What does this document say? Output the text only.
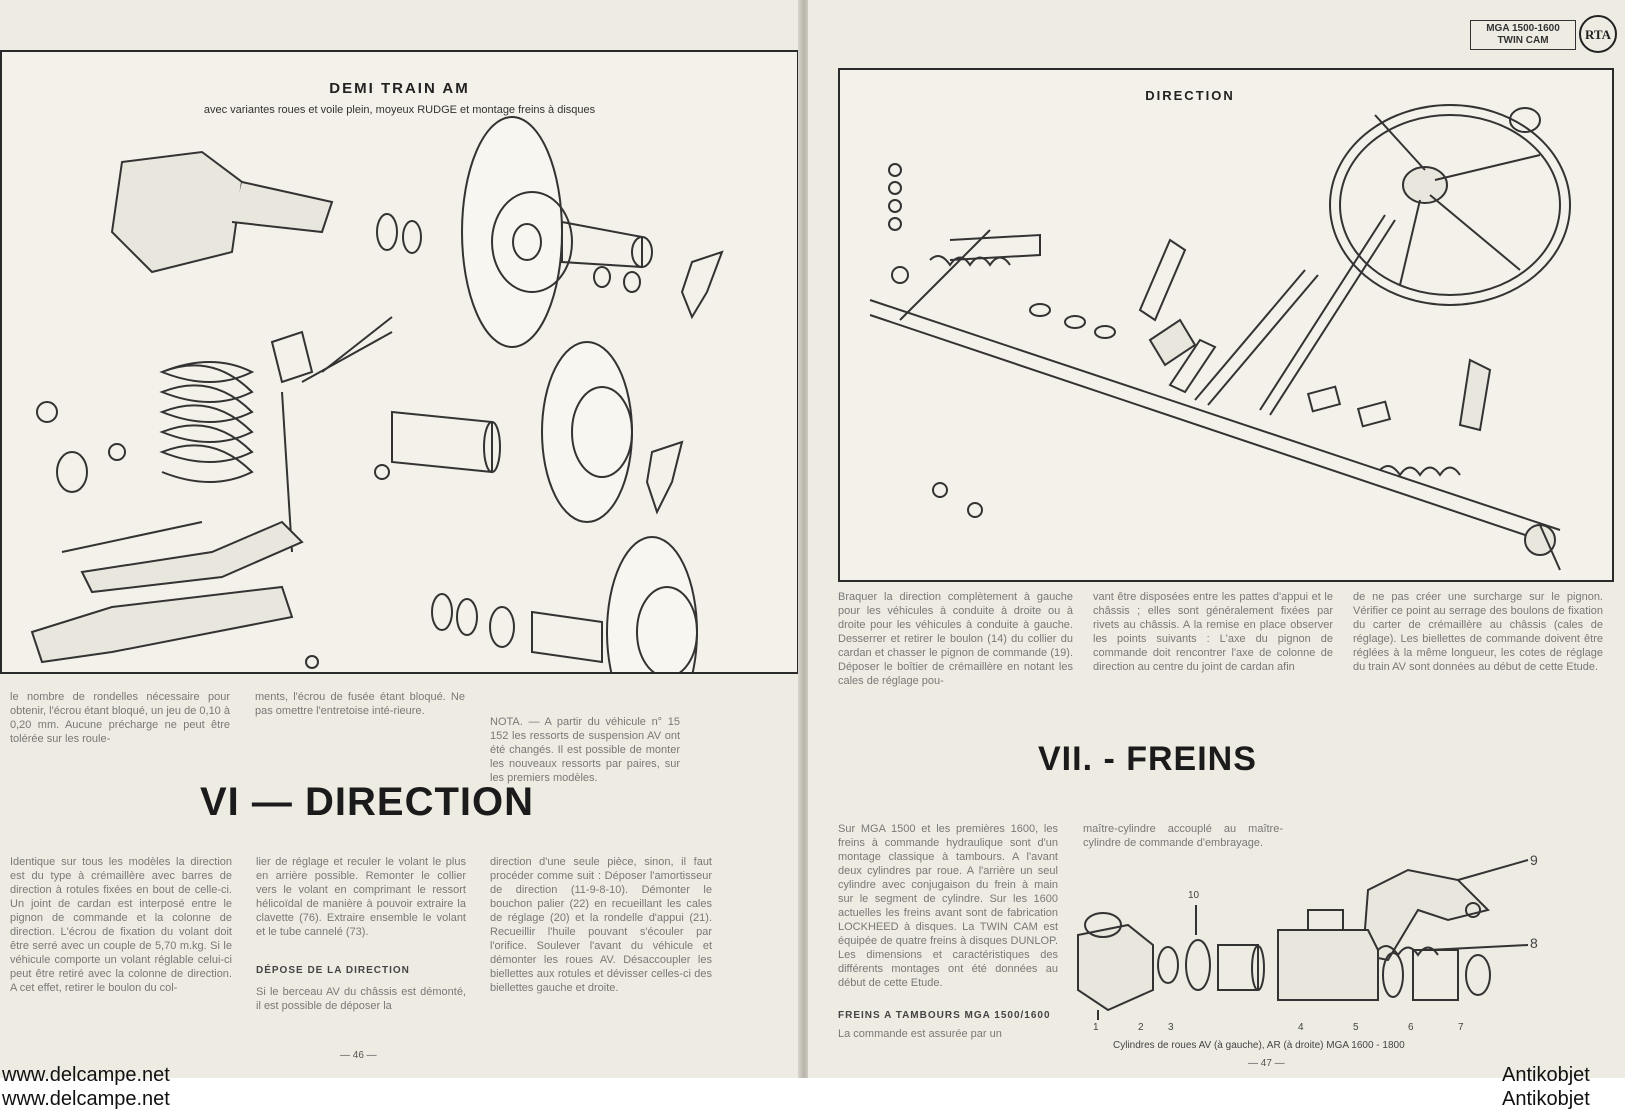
DEMI TRAIN AM
avec variantes roues et voile plein, moyeux RUDGE et montage freins à disques
le nombre de rondelles nécessaire pour obtenir, l'écrou étant bloqué, un jeu de 0,10 à 0,20 mm. Aucune précharge ne peut être tolérée sur les roule-
ments, l'écrou de fusée étant bloqué. Ne pas omettre l'entretoise inté-rieure.
NOTA. — A partir du véhicule n° 15 152 les ressorts de suspension AV ont été changés. Il est possible de monter les nouveaux ressorts par paires, sur les premiers modèles.
VI — DIRECTION
Identique sur tous les modèles la direction est du type à crémaillère avec barres de direction à rotules fixées en bout de celle-ci. Un joint de cardan est interposé entre le pignon de commande et la colonne de direction. L'écrou de fixation du volant doit être serré avec un couple de 5,70 m.kg. Si le véhicule comporte un volant réglable celui-ci peut être retiré avec la colonne de direction. A cet effet, retirer le boulon du col-
lier de réglage et reculer le volant le plus en arrière possible. Remonter le collier vers le volant en comprimant le ressort hélicoïdal de manière à pouvoir extraire la clavette (76). Extraire ensemble le volant et le tube cannelé (73).
DÉPOSE DE LA DIRECTION
Si le berceau AV du châssis est démonté, il est possible de déposer la
direction d'une seule pièce, sinon, il faut procéder comme suit : Déposer l'amortisseur de direction (11-9-8-10). Démonter le bouchon palier (22) en recueillant les cales de réglage (20) et la rondelle d'appui (21). Recueillir l'huile pouvant s'écouler par l'orifice. Soulever l'avant du véhicule et démonter les roues AV. Désaccoupler les biellettes aux rotules et dévisser celles-ci des biellettes gauche et droite.
— 46 —
MGA 1500-1600
TWIN CAM	RTA
DIRECTION
Braquer la direction complètement à gauche pour les véhicules à conduite à droite ou à droite pour les véhicules à conduite à gauche. Desserrer et retirer le boulon (14) du collier du cardan et chasser le pignon de commande (19). Déposer le boîtier de crémaillère en notant les cales de réglage pou-
vant être disposées entre les pattes d'appui et le châssis ; elles sont généralement fixées par rivets au châssis. A la remise en place observer les points suivants : L'axe du pignon de commande doit rencontrer l'axe de colonne de direction au centre du joint de cardan afin
de ne pas créer une surcharge sur le pignon. Vérifier ce point au serrage des boulons de fixation du carter de crémaillère au châssis (cales de réglage). Les biellettes de commande doivent être réglées à la même longueur, les cotes de réglage du train AV sont données au début de cette Etude.
VII. - FREINS
Sur MGA 1500 et les premières 1600, les freins à commande hydraulique sont d'un montage classique à tambours. A l'avant deux cylindres par roue. A l'arrière un seul cylindre avec conjugaison du frein à main sur le segment de cylindre. Sur les 1600 actuelles les freins avant sont de fabrication LOCKHEED à disques. La TWIN CAM est équipée de quatre freins à disques DUNLOP. Les dimensions et caractéristiques des différents montages ont été données au début de cette Etude.
maître-cylindre accouplé au maître-cylindre de commande d'embrayage.
FREINS A TAMBOURS MGA 1500/1600
La commande est assurée par un
9
10
8
1	2 3	4	5	6	7
Cylindres de roues AV (à gauche), AR (à droite) MGA 1600 - 1800
— 47 —
www.delcampe.net
www.delcampe.net
Antikobjet
Antikobjet
